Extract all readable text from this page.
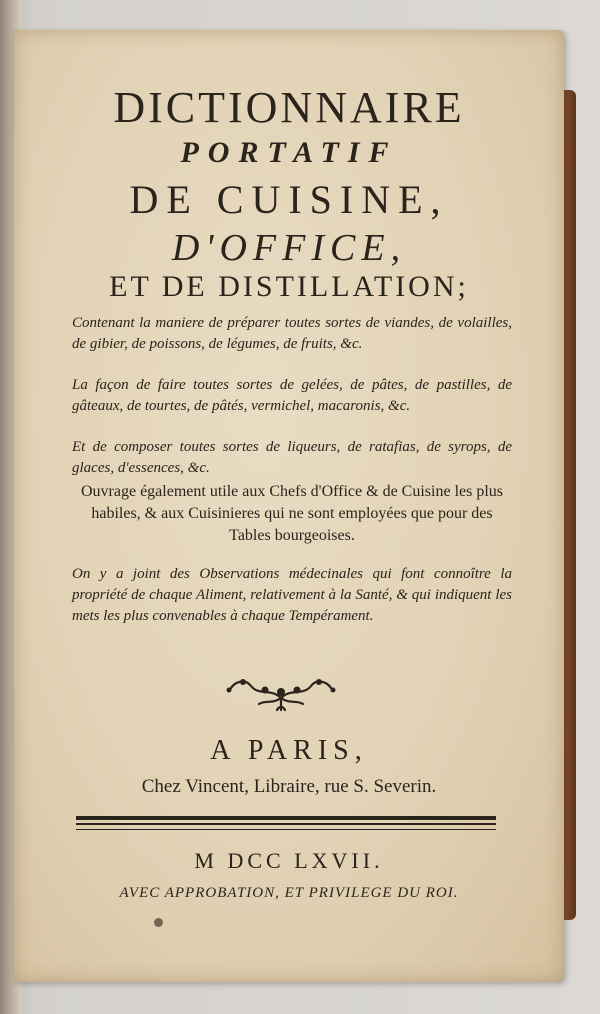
DICTIONNAIRE
PORTATIF
DE CUISINE,
D'OFFICE,
ET DE DISTILLATION;
Contenant la maniere de préparer toutes sortes de viandes, de volailles, de gibier, de poissons, de légumes, de fruits, &c.
La façon de faire toutes sortes de gelées, de pâtes, de pastilles, de gâteaux, de tourtes, de pâtés, vermichel, macaronis, &c.
Et de composer toutes sortes de liqueurs, de ratafias, de syrops, de glaces, d'essences, &c.
Ouvrage également utile aux Chefs d'Office & de Cuisine les plus habiles, & aux Cuisinieres qui ne sont employées que pour des Tables bourgeoises.
On y a joint des Observations médecinales qui font connoître la propriété de chaque Aliment, relativement à la Santé, & qui indiquent les mets les plus convenables à chaque Tempérament.
A PARIS,
Chez Vincent, Libraire, rue S. Severin.
M DCC LXVII.
AVEC APPROBATION, ET PRIVILEGE DU ROI.
